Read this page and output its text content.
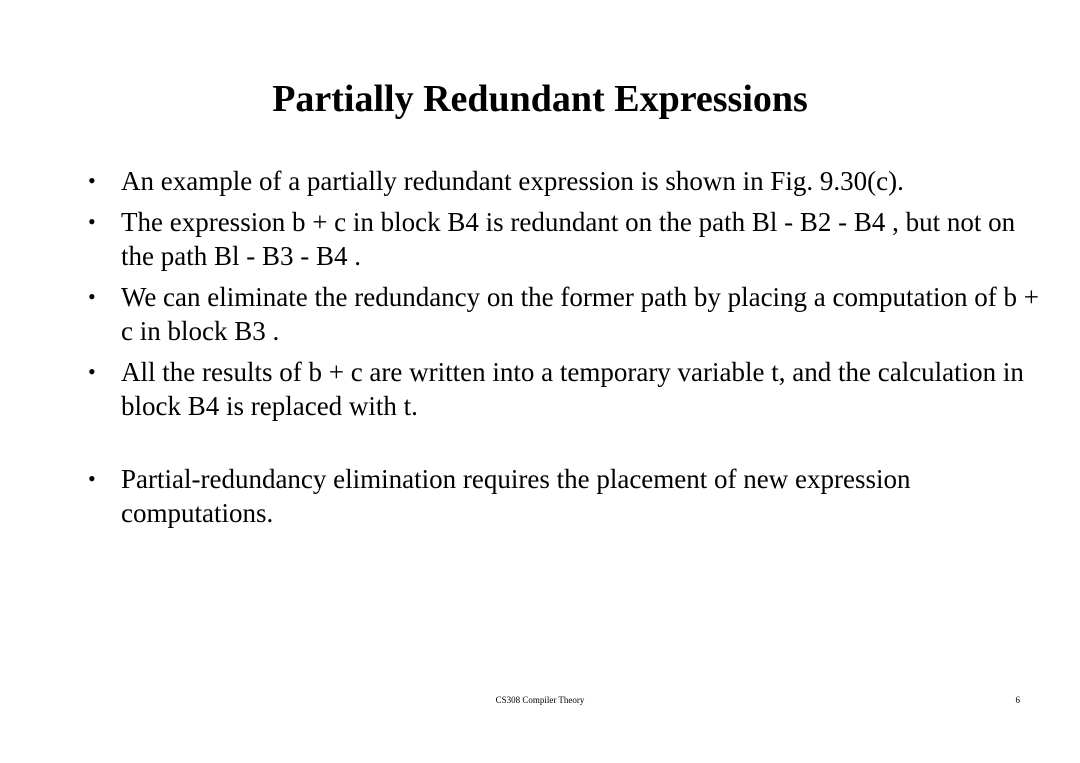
Partially Redundant Expressions
• An example of a partially redundant expression is shown in Fig. 9.30(c).
• The expression b + c in block B4 is redundant on the path Bl - B2 - B4 , but not on the path Bl - B3 - B4 .
• We can eliminate the redundancy on the former path by placing a computation of b + c in block B3 .
• All the results of b + c are written into a temporary variable t, and the calculation in block B4 is replaced with t.
• Partial-redundancy elimination requires the placement of new expression computations.
CS308 Compiler Theory	6
